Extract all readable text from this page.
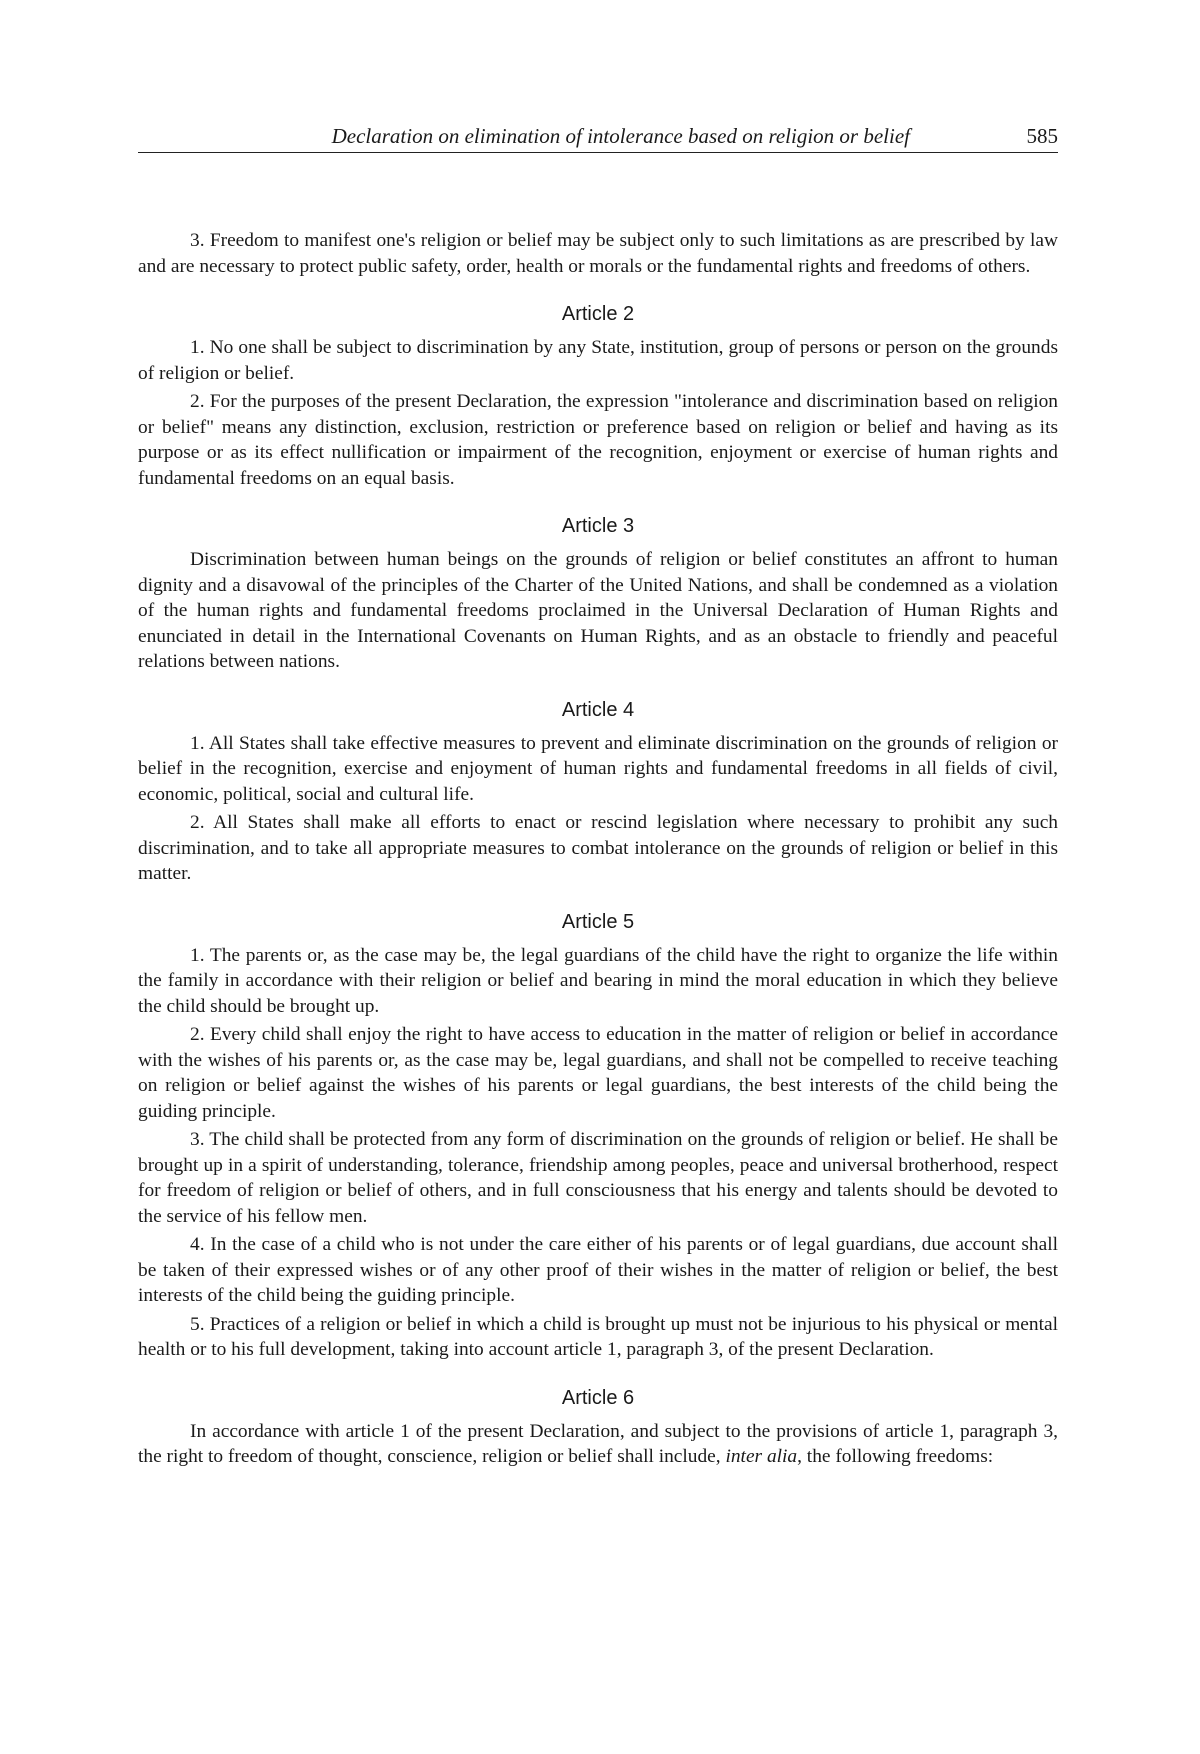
Declaration on elimination of intolerance based on religion or belief	585

3. Freedom to manifest one's religion or belief may be subject only to such limitations as are prescribed by law and are necessary to protect public safety, order, health or morals or the fundamental rights and freedoms of others.

Article 2

1. No one shall be subject to discrimination by any State, institution, group of persons or person on the grounds of religion or belief.

2. For the purposes of the present Declaration, the expression "intolerance and discrimination based on religion or belief" means any distinction, exclusion, restriction or preference based on religion or belief and having as its purpose or as its effect nullification or impairment of the recognition, enjoyment or exercise of human rights and fundamental freedoms on an equal basis.

Article 3

Discrimination between human beings on the grounds of religion or belief constitutes an affront to human dignity and a disavowal of the principles of the Charter of the United Nations, and shall be condemned as a violation of the human rights and fundamental freedoms proclaimed in the Universal Declaration of Human Rights and enunciated in detail in the International Covenants on Human Rights, and as an obstacle to friendly and peaceful relations between nations.

Article 4

1. All States shall take effective measures to prevent and eliminate discrimination on the grounds of religion or belief in the recognition, exercise and enjoyment of human rights and fundamental freedoms in all fields of civil, economic, political, social and cultural life.

2. All States shall make all efforts to enact or rescind legislation where necessary to prohibit any such discrimination, and to take all appropriate measures to combat intolerance on the grounds of religion or belief in this matter.

Article 5

1. The parents or, as the case may be, the legal guardians of the child have the right to organize the life within the family in accordance with their religion or belief and bearing in mind the moral education in which they believe the child should be brought up.

2. Every child shall enjoy the right to have access to education in the matter of religion or belief in accordance with the wishes of his parents or, as the case may be, legal guardians, and shall not be compelled to receive teaching on religion or belief against the wishes of his parents or legal guardians, the best interests of the child being the guiding principle.

3. The child shall be protected from any form of discrimination on the grounds of religion or belief. He shall be brought up in a spirit of understanding, tolerance, friendship among peoples, peace and universal brotherhood, respect for freedom of religion or belief of others, and in full consciousness that his energy and talents should be devoted to the service of his fellow men.

4. In the case of a child who is not under the care either of his parents or of legal guardians, due account shall be taken of their expressed wishes or of any other proof of their wishes in the matter of religion or belief, the best interests of the child being the guiding principle.

5. Practices of a religion or belief in which a child is brought up must not be injurious to his physical or mental health or to his full development, taking into account article 1, paragraph 3, of the present Declaration.

Article 6

In accordance with article 1 of the present Declaration, and subject to the provisions of article 1, paragraph 3, the right to freedom of thought, conscience, religion or belief shall include, inter alia, the following freedoms:
